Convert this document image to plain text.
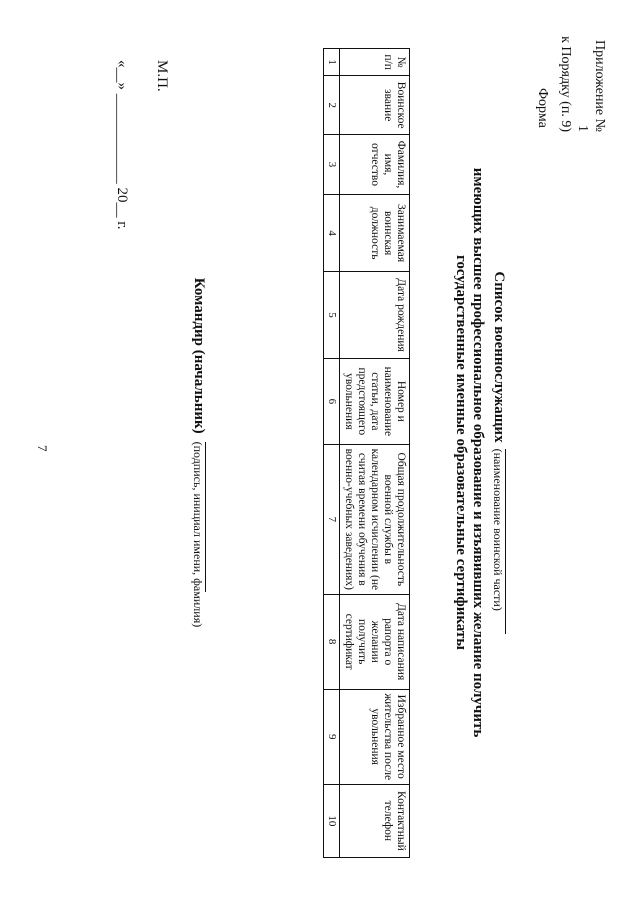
Приложение № 1
к Порядку (п. 9)
Форма
Список военнослужащих
(наименование воинской части)
имеющих высшее профессиональное образование и изъявивших желание получить
государственные именные образовательные сертификаты
№ п/п	Воинское звание	Фамилия, имя, отчество	Занимаемая воинская должность	Дата рождения	Номер и наименование статьи, дата предстоящего увольнения	Общая продолжительность военной службы в календарном исчислении (не считая времени обучения в военно-учебных заведениях)	Дата написания рапорта о желании получить сертификат	Избранное место жительства после увольнения	Контактный телефон
1	2	3	4	5	6	7	8	9	10
Командир (начальник)
(подпись, инициал имени, фамилия)
М.П.
«__» ____________ 20__ г.
7
